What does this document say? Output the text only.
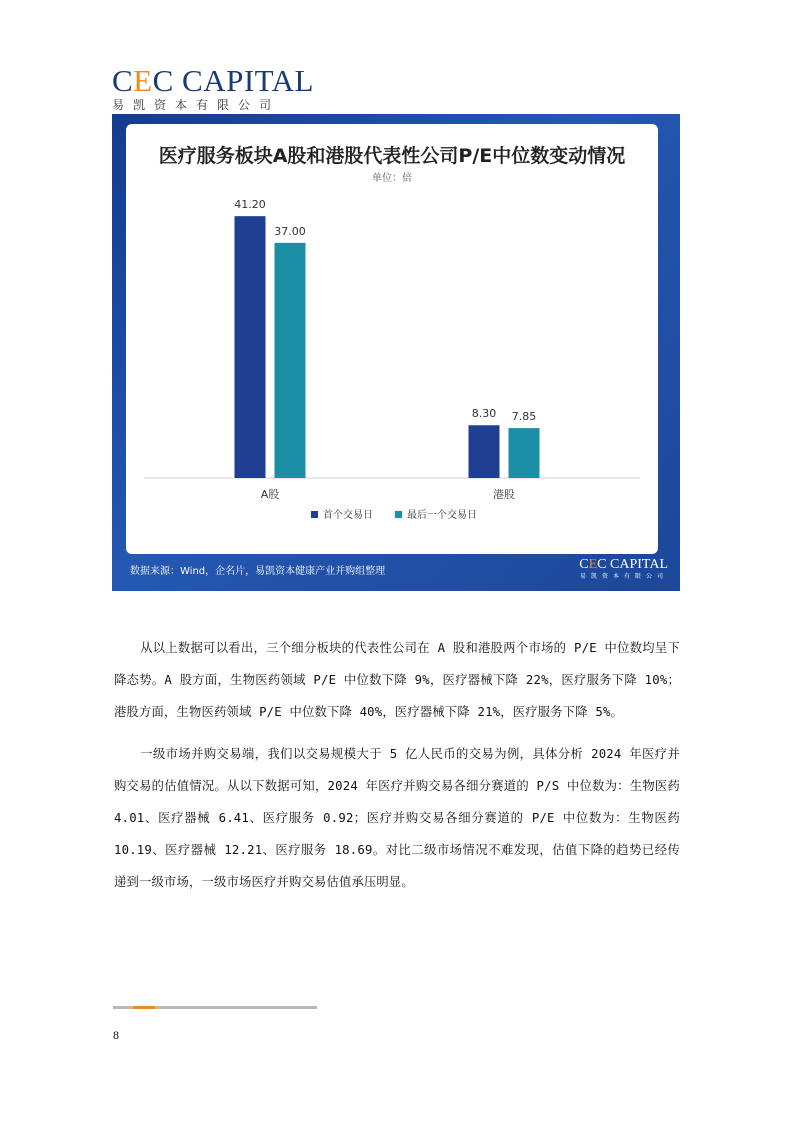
CEC CAPITAL
易凯资本有限公司
医疗服务板块A股和港股代表性公司P/E中位数变动情况
单位：倍
41.20
37.00
A股
8.30 7.85
港股
首个交易日	最后一个交易日
数据来源：Wind，企名片，易凯资本健康产业并购组整理	CEC CAPITAL
易凯资本有限公司
从以上数据可以看出，三个细分板块的代表性公司在 A 股和港股两个市场的 P/E 中位数均呈下降态势。A 股方面，生物医药领域 P/E 中位数下降 9%，医疗器械下降 22%，医疗服务下降 10%；港股方面，生物医药领域 P/E 中位数下降 40%，医疗器械下降 21%，医疗服务下降 5%。
一级市场并购交易端，我们以交易规模大于 5 亿人民币的交易为例，具体分析 2024 年医疗并购交易的估值情况。从以下数据可知，2024 年医疗并购交易各细分赛道的 P/S 中位数为：生物医药 4.01、医疗器械 6.41、医疗服务 0.92；医疗并购交易各细分赛道的 P/E 中位数为：生物医药 10.19、医疗器械 12.21、医疗服务 18.69。对比二级市场情况不难发现，估值下降的趋势已经传递到一级市场，一级市场医疗并购交易估值承压明显。
8
